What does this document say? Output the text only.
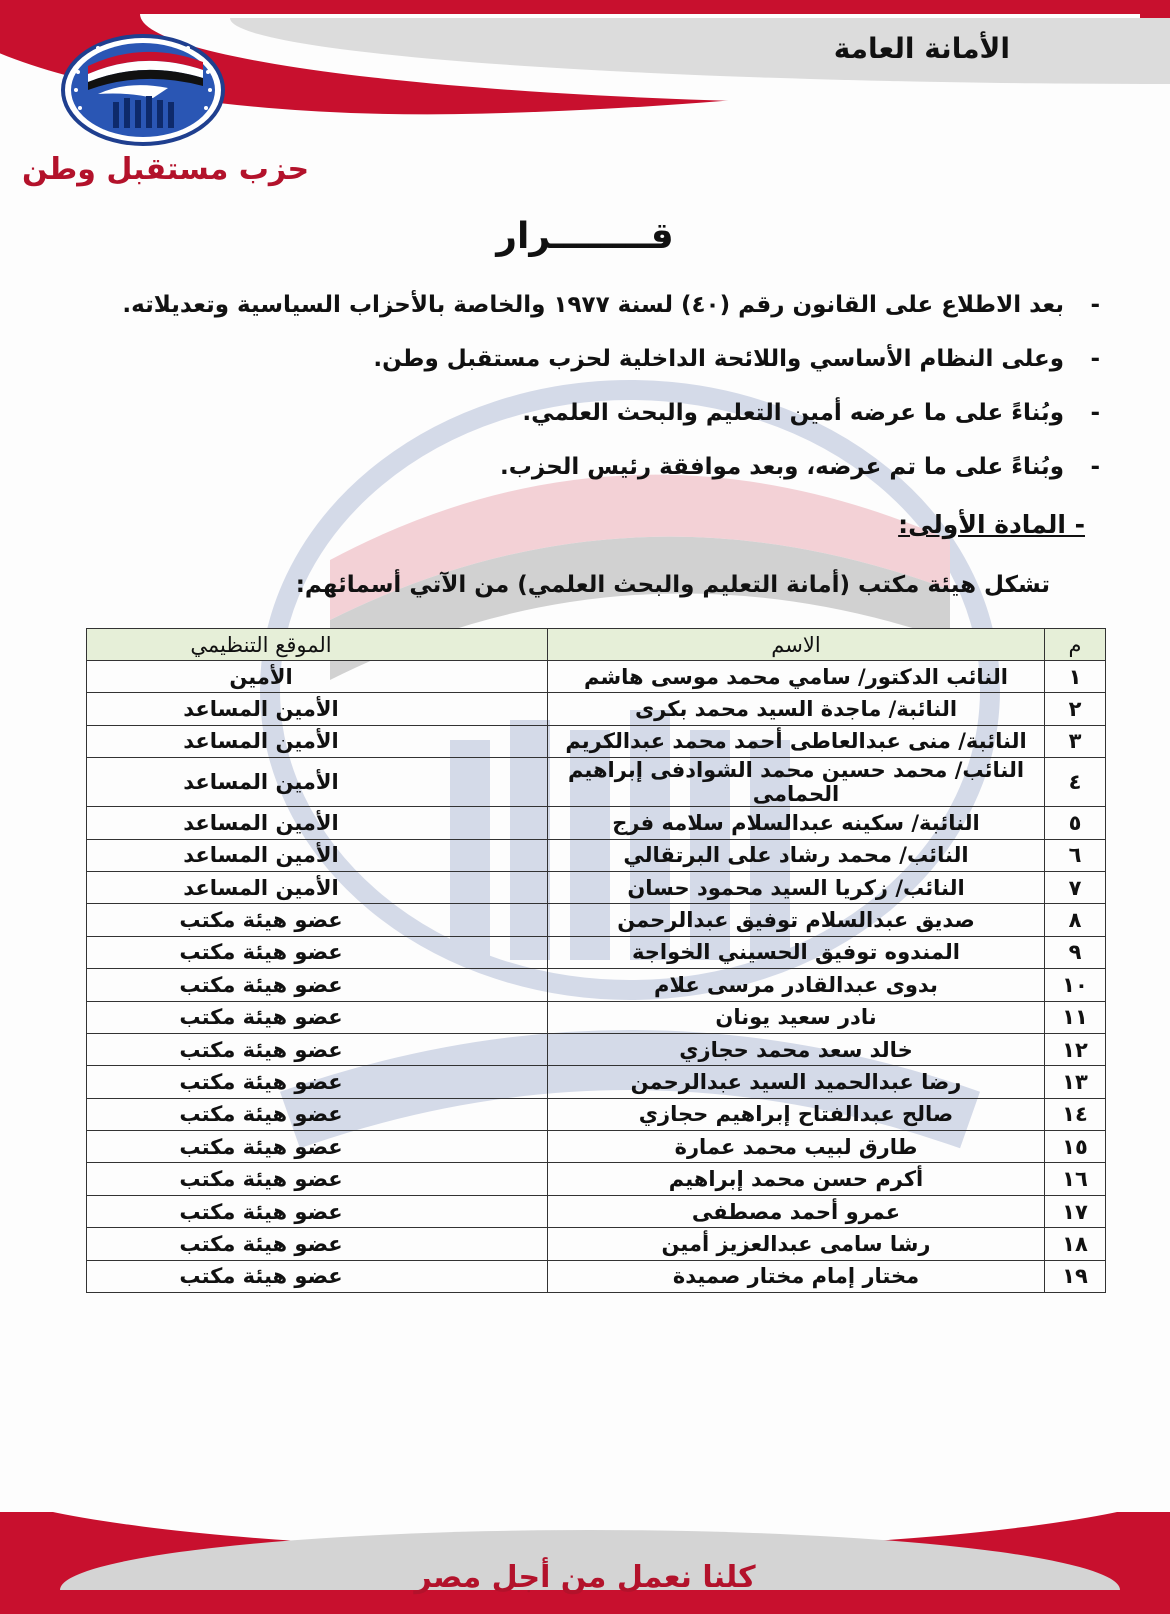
الأمانة العامة
حزب مستقبل وطن
قــــــــرار
-
بعد الاطلاع على القانون رقم (٤٠) لسنة ١٩٧٧ والخاصة بالأحزاب السياسية وتعديلاته.
-
وعلى النظام الأساسي واللائحة الداخلية لحزب مستقبل وطن.
-
وبُناءً على ما عرضه أمين التعليم والبحث العلمي.
-
وبُناءً على ما تم عرضه، وبعد موافقة رئيس الحزب.
- المادة الأولى:
تشكل هيئة مكتب (أمانة التعليم والبحث العلمي) من الآتي أسمائهم:
م	الاسم	الموقع التنظيمي
١	النائب الدكتور/ سامي محمد موسى هاشم	الأمين
٢	النائبة/ ماجدة السيد محمد بكرى	الأمين المساعد
٣	النائبة/ منى عبدالعاطى أحمد محمد عبدالكريم	الأمين المساعد
٤	النائب/ محمد حسين محمد الشوادفى إبراهيم الحمامى	الأمين المساعد
٥	النائبة/ سكينه عبدالسلام سلامه فرج	الأمين المساعد
٦	النائب/ محمد رشاد على البرتقالي	الأمين المساعد
٧	النائب/ زكريا السيد محمود حسان	الأمين المساعد
٨	صديق عبدالسلام توفيق عبدالرحمن	عضو هيئة مكتب
٩	المندوه توفيق الحسيني الخواجة	عضو هيئة مكتب
١٠	بدوى عبدالقادر مرسى علام	عضو هيئة مكتب
١١	نادر سعيد يونان	عضو هيئة مكتب
١٢	خالد سعد محمد حجازي	عضو هيئة مكتب
١٣	رضا عبدالحميد السيد عبدالرحمن	عضو هيئة مكتب
١٤	صالح عبدالفتاح إبراهيم حجازي	عضو هيئة مكتب
١٥	طارق لبيب محمد عمارة	عضو هيئة مكتب
١٦	أكرم حسن محمد إبراهيم	عضو هيئة مكتب
١٧	عمرو أحمد مصطفى	عضو هيئة مكتب
١٨	رشا سامى عبدالعزيز أمين	عضو هيئة مكتب
١٩	مختار إمام مختار صميدة	عضو هيئة مكتب
كلنا نعمل من أجل مصر
